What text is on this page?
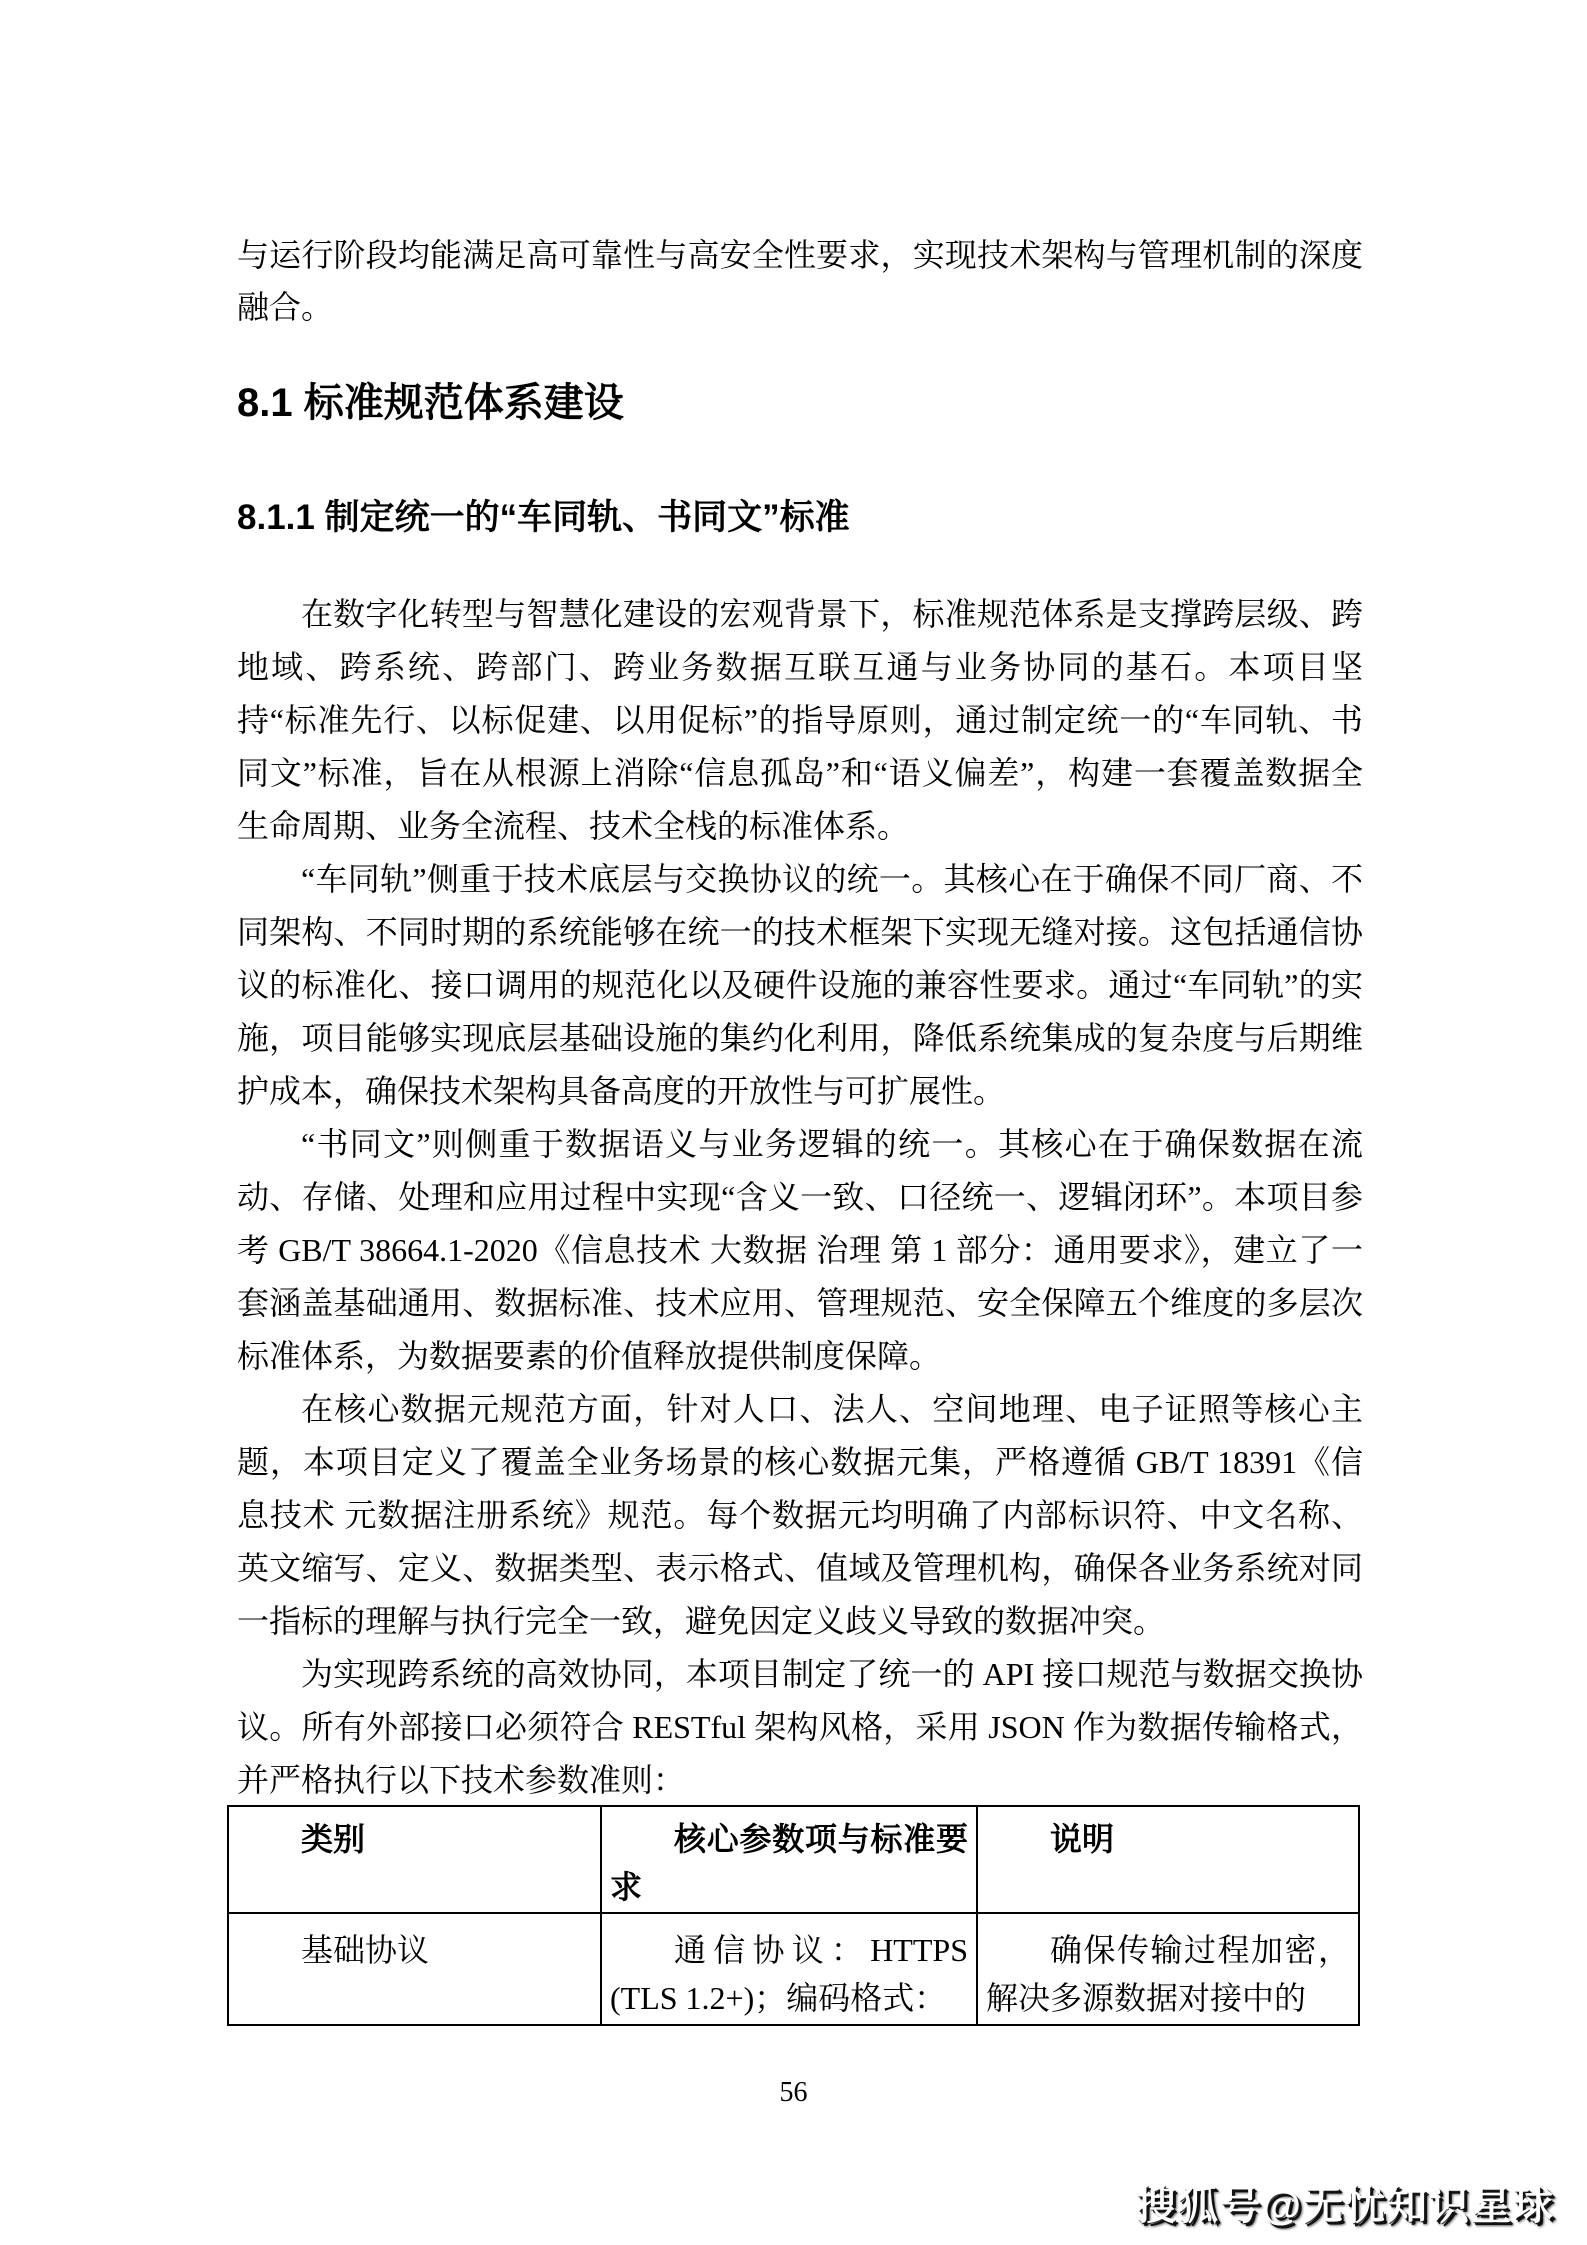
与运行阶段均能满足高可靠性与高安全性要求，实现技术架构与管理机制的深度融合。

8.1 标准规范体系建设
8.1.1 制定统一的“车同轨、书同文”标准

在数字化转型与智慧化建设的宏观背景下，标准规范体系是支撑跨层级、跨地域、跨系统、跨部门、跨业务数据互联互通与业务协同的基石。本项目坚持“标准先行、以标促建、以用促标”的指导原则，通过制定统一的“车同轨、书同文”标准，旨在从根源上消除“信息孤岛”和“语义偏差”，构建一套覆盖数据全生命周期、业务全流程、技术全栈的标准体系。

“车同轨”侧重于技术底层与交换协议的统一。其核心在于确保不同厂商、不同架构、不同时期的系统能够在统一的技术框架下实现无缝对接。这包括通信协议的标准化、接口调用的规范化以及硬件设施的兼容性要求。通过“车同轨”的实施，项目能够实现底层基础设施的集约化利用，降低系统集成的复杂度与后期维护成本，确保技术架构具备高度的开放性与可扩展性。

“书同文”则侧重于数据语义与业务逻辑的统一。其核心在于确保数据在流动、存储、处理和应用过程中实现“含义一致、口径统一、逻辑闭环”。本项目参考 GB/T 38664.1-2020《信息技术 大数据 治理 第 1 部分：通用要求》，建立了一套涵盖基础通用、数据标准、技术应用、管理规范、安全保障五个维度的多层次标准体系，为数据要素的价值释放提供制度保障。

在核心数据元规范方面，针对人口、法人、空间地理、电子证照等核心主题，本项目定义了覆盖全业务场景的核心数据元集，严格遵循 GB/T 18391《信息技术 元数据注册系统》规范。每个数据元均明确了内部标识符、中文名称、英文缩写、定义、数据类型、表示格式、值域及管理机构，确保各业务系统对同一指标的理解与执行完全一致，避免因定义歧义导致的数据冲突。

为实现跨系统的高效协同，本项目制定了统一的 API 接口规范与数据交换协议。所有外部接口必须符合 RESTful 架构风格，采用 JSON 作为数据传输格式，并严格执行以下技术参数准则：

类别	核心参数项与标准要求	说明
基础协议	通信协议：HTTPS (TLS 1.2+)；编码格式：	确保传输过程加密，解决多源数据对接中的
56
搜狐号@无忧知识星球
